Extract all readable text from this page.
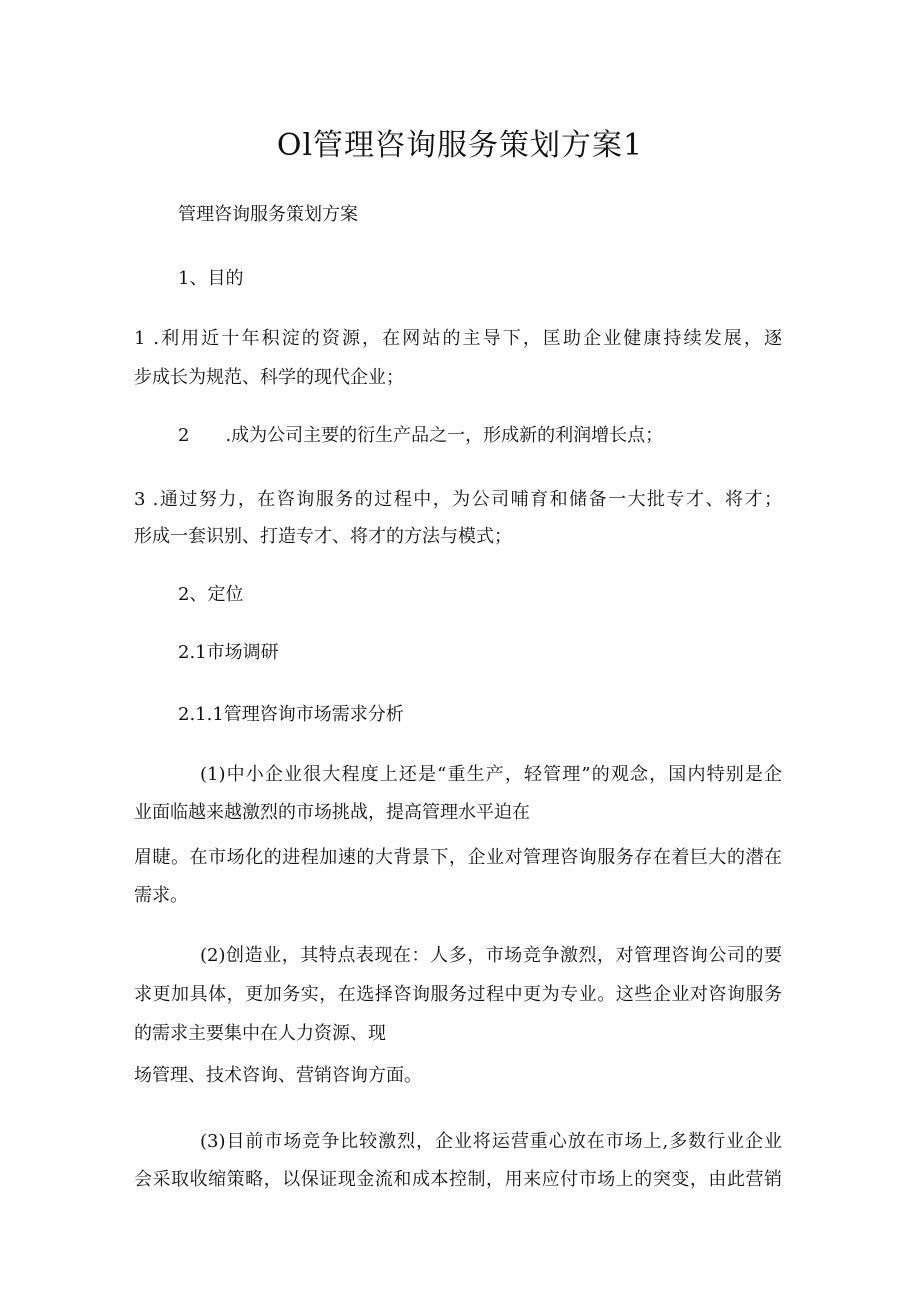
Ol管理咨询服务策划方案1
管理咨询服务策划方案
1、目的
1 .利用近十年积淀的资源，在网站的主导下，匡助企业健康持续发展，逐
步成长为规范、科学的现代企业；
2　　.成为公司主要的衍生产品之一，形成新的利润增长点；
3 .通过努力，在咨询服务的过程中，为公司哺育和储备一大批专才、将才；
形成一套识别、打造专才、将才的方法与模式；
2、定位
2.1市场调研
2.1.1管理咨询市场需求分析
(1)中小企业很大程度上还是“重生产，轻管理”的观念，国内特别是企
业面临越来越激烈的市场挑战，提高管理水平迫在
眉睫。在市场化的进程加速的大背景下，企业对管理咨询服务存在着巨大的潜在
需求。
(2)创造业，其特点表现在：人多，市场竞争激烈，对管理咨询公司的要
求更加具体，更加务实，在选择咨询服务过程中更为专业。这些企业对咨询服务
的需求主要集中在人力资源、现
场管理、技术咨询、营销咨询方面。
(3)目前市场竞争比较激烈，企业将运营重心放在市场上,多数行业企业
会采取收缩策略，以保证现金流和成本控制，用来应付市场上的突变，由此营销
